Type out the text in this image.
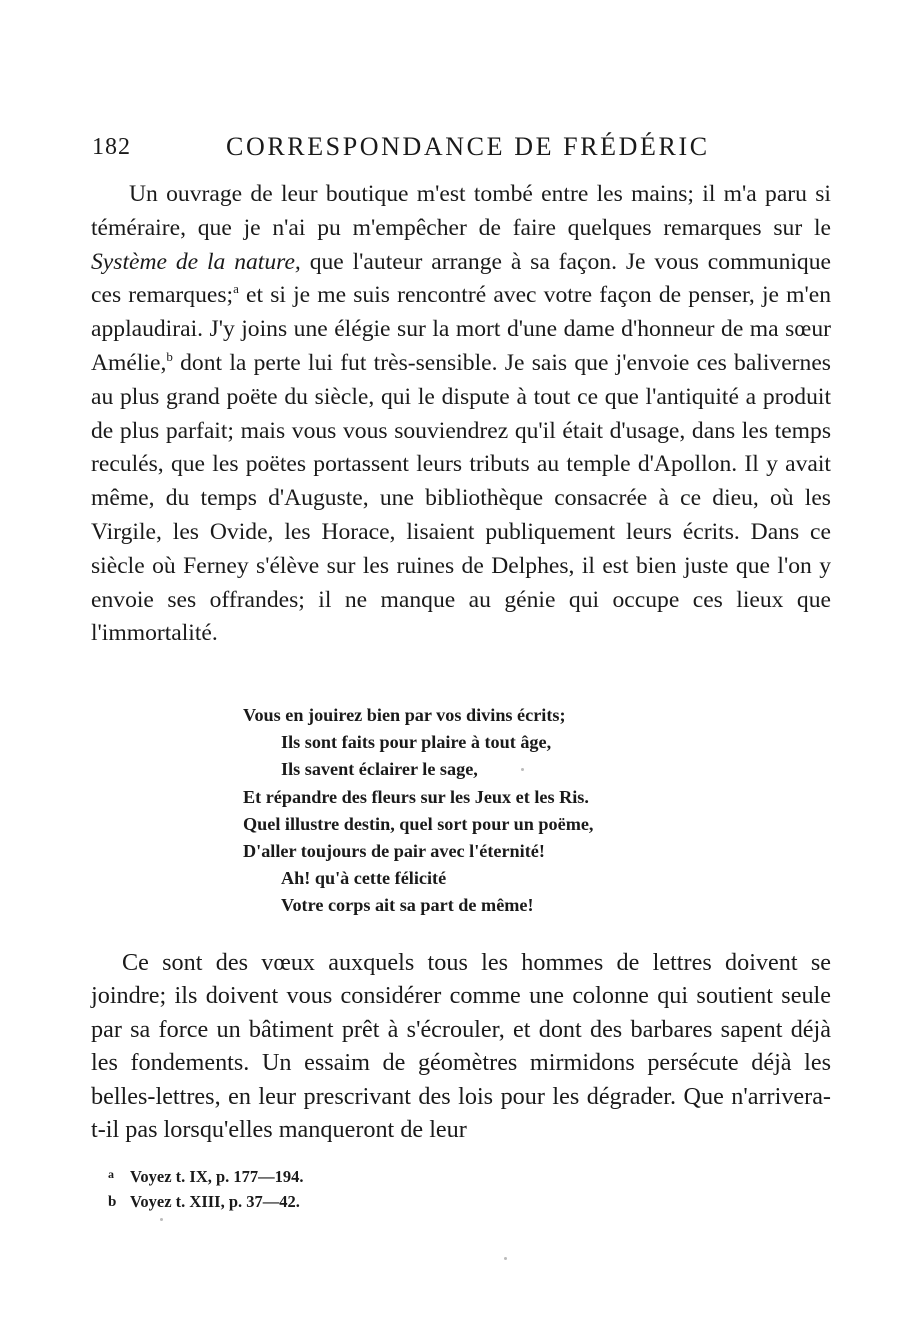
182	CORRESPONDANCE DE FRÉDÉRIC

Un ouvrage de leur boutique m'est tombé entre les mains; il m'a paru si téméraire, que je n'ai pu m'empêcher de faire quelques remarques sur le Système de la nature, que l'auteur arrange à sa façon. Je vous communique ces remarques;$^a$ et si je me suis rencontré avec votre façon de penser, je m'en applaudirai. J'y joins une élégie sur la mort d'une dame d'honneur de ma sœur Amélie,$^b$ dont la perte lui fut très-sensible. Je sais que j'envoie ces balivernes au plus grand poëte du siècle, qui le dispute à tout ce que l'antiquité a produit de plus parfait; mais vous vous souviendrez qu'il était d'usage, dans les temps reculés, que les poëtes portassent leurs tributs au temple d'Apollon. Il y avait même, du temps d'Auguste, une bibliothèque consacrée à ce dieu, où les Virgile, les Ovide, les Horace, lisaient publiquement leurs écrits. Dans ce siècle où Ferney s'élève sur les ruines de Delphes, il est bien juste que l'on y envoie ses offrandes; il ne manque au génie qui occupe ces lieux que l'immortalité.

Vous en jouirez bien par vos divins écrits;
Ils sont faits pour plaire à tout âge,
Ils savent éclairer le sage,
Et répandre des fleurs sur les Jeux et les Ris.
Quel illustre destin, quel sort pour un poëme,
D'aller toujours de pair avec l'éternité!
Ah! qu'à cette félicité
Votre corps ait sa part de même!

Ce sont des vœux auxquels tous les hommes de lettres doivent se joindre; ils doivent vous considérer comme une colonne qui soutient seule par sa force un bâtiment prêt à s'écrouler, et dont des barbares sapent déjà les fondements. Un essaim de géomètres mirmidons persécute déjà les belles-lettres, en leur prescrivant des lois pour les dégrader. Que n'arrivera-t-il pas lorsqu'elles manqueront de leur

a Voyez t. IX, p. 177—194.
b Voyez t. XIII, p. 37—42.
